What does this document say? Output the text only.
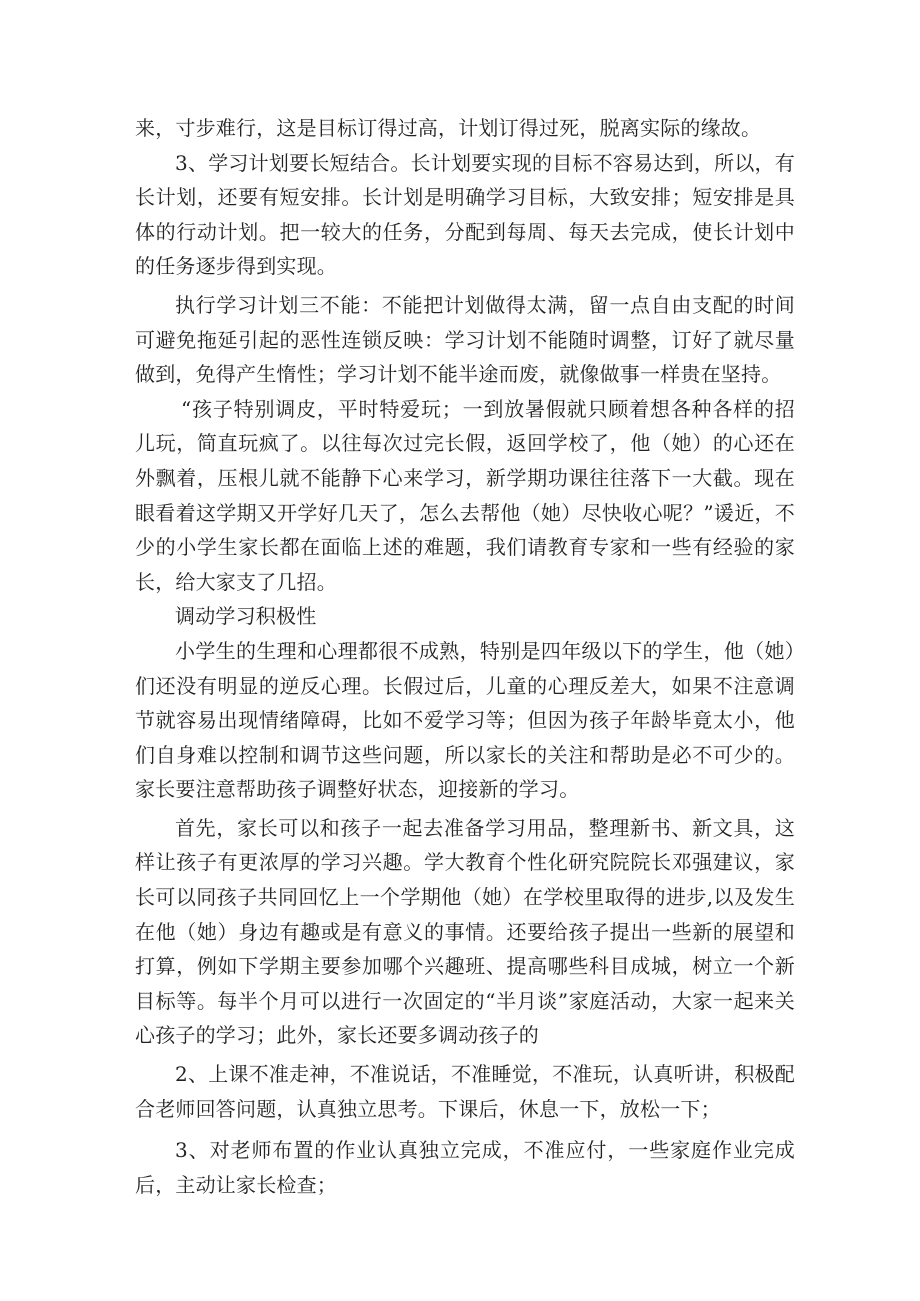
来，寸步难行，这是目标订得过高，计划订得过死，脱离实际的缘故。

3、学习计划要长短结合。长计划要实现的目标不容易达到，所以，有长计划，还要有短安排。长计划是明确学习目标，大致安排；短安排是具体的行动计划。把一较大的任务，分配到每周、每天去完成，使长计划中的任务逐步得到实现。

执行学习计划三不能：不能把计划做得太满，留一点自由支配的时间可避免拖延引起的恶性连锁反映：学习计划不能随时调整，订好了就尽量做到，免得产生惰性；学习计划不能半途而废，就像做事一样贵在坚持。

“孩子特别调皮，平时特爱玩；一到放暑假就只顾着想各种各样的招儿玩，简直玩疯了。以往每次过完长假，返回学校了，他（她）的心还在外飘着，压根儿就不能静下心来学习，新学期功课往往落下一大截。现在眼看着这学期又开学好几天了，怎么去帮他（她）尽快收心呢？”谖近，不少的小学生家长都在面临上述的难题，我们请教育专家和一些有经验的家长，给大家支了几招。

调动学习积极性

小学生的生理和心理都很不成熟，特别是四年级以下的学生，他（她）们还没有明显的逆反心理。长假过后，儿童的心理反差大，如果不注意调节就容易出现情绪障碍，比如不爱学习等；但因为孩子年龄毕竟太小，他们自身难以控制和调节这些问题，所以家长的关注和帮助是必不可少的。家长要注意帮助孩子调整好状态，迎接新的学习。

首先，家长可以和孩子一起去准备学习用品，整理新书、新文具，这样让孩子有更浓厚的学习兴趣。学大教育个性化研究院院长邓强建议，家长可以同孩子共同回忆上一个学期他（她）在学校里取得的进步,以及发生在他（她）身边有趣或是有意义的事情。还要给孩子提出一些新的展望和打算，例如下学期主要参加哪个兴趣班、提高哪些科目成城，树立一个新目标等。每半个月可以进行一次固定的“半月谈”家庭活动，大家一起来关心孩子的学习；此外，家长还要多调动孩子的

2、上课不准走神，不准说话，不准睡觉，不准玩，认真听讲，积极配合老师回答问题，认真独立思考。下课后，休息一下，放松一下；

3、对老师布置的作业认真独立完成，不准应付，一些家庭作业完成后，主动让家长检查；
